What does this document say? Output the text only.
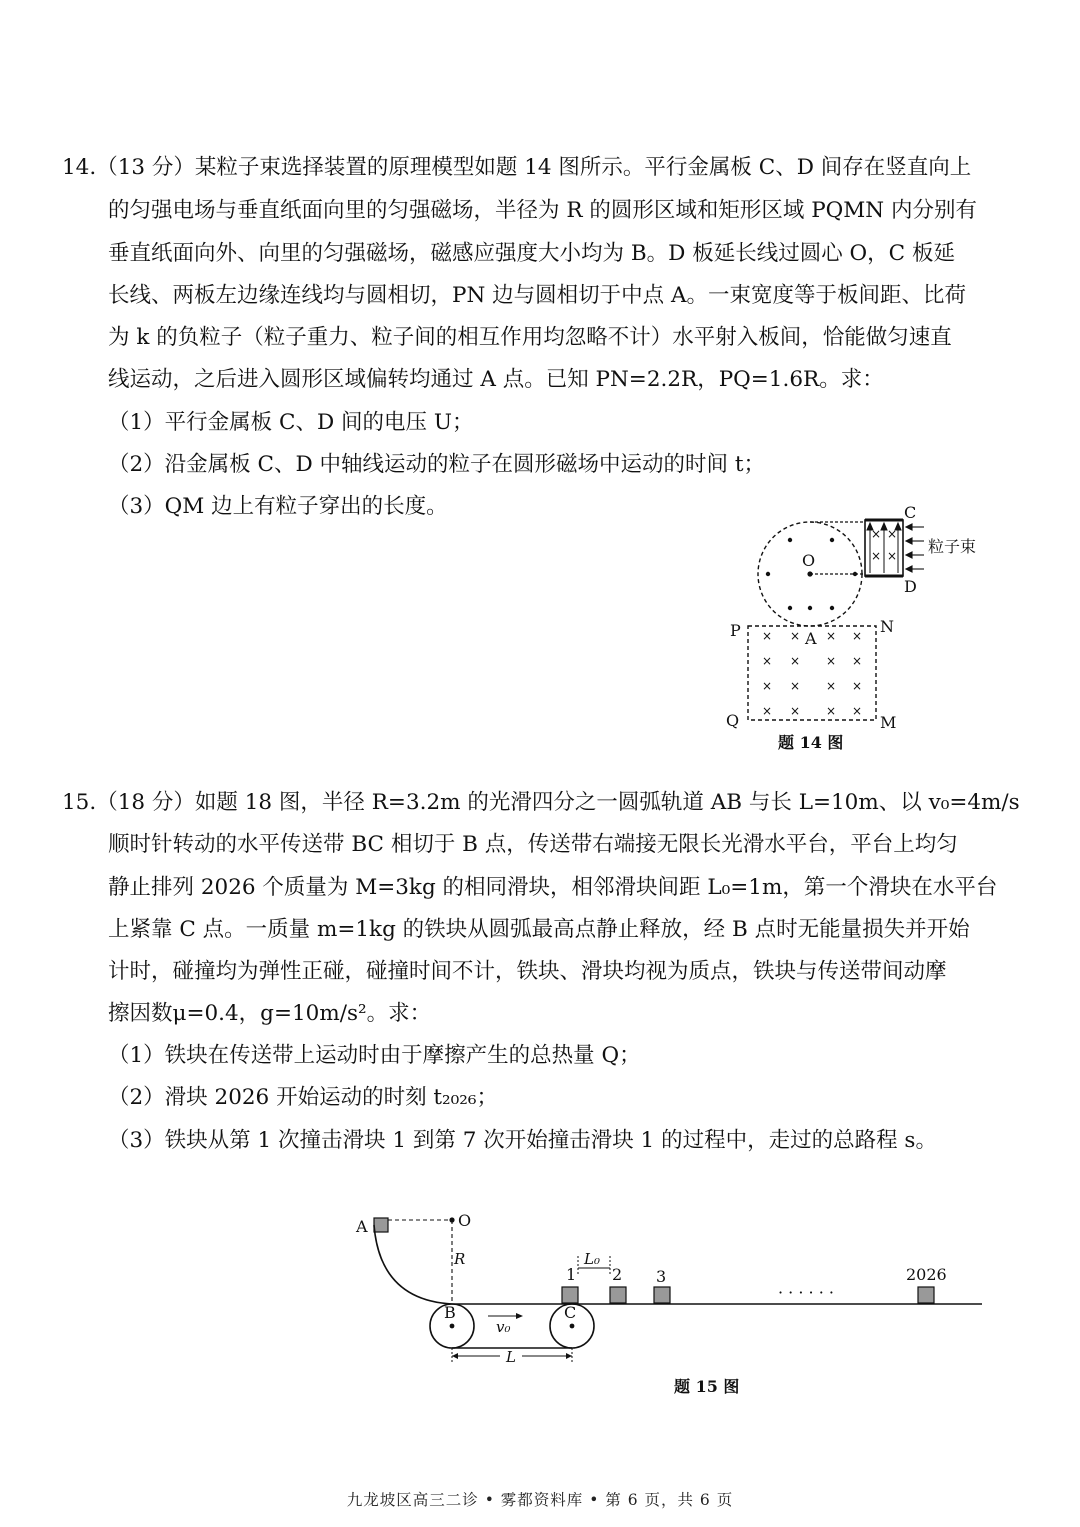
14.（13 分）某粒子束选择装置的原理模型如题 14 图所示。平行金属板 C、D 间存在竖直向上
的匀强电场与垂直纸面向里的匀强磁场，半径为 R 的圆形区域和矩形区域 PQMN 内分别有
垂直纸面向外、向里的匀强磁场，磁感应强度大小均为 B。D 板延长线过圆心 O，C 板延
长线、两板左边缘连线均与圆相切，PN 边与圆相切于中点 A。一束宽度等于板间距、比荷
为 k 的负粒子（粒子重力、粒子间的相互作用均忽略不计）水平射入板间，恰能做匀速直
线运动，之后进入圆形区域偏转均通过 A 点。已知 PN=2.2R，PQ=1.6R。求：
（1）平行金属板 C、D 间的电压 U；
（2）沿金属板 C、D 中轴线运动的粒子在圆形磁场中运动的时间 t；
（3）QM 边上有粒子穿出的长度。
O
× ×
× ×
C
D
粒子束
× × × ×
× × × ×
× × × ×
× × × ×
P	N
A
Q	M
题 14 图
15.（18 分）如题 18 图，半径 R=3.2m 的光滑四分之一圆弧轨道 AB 与长 L=10m、以 v₀=4m/s
顺时针转动的水平传送带 BC 相切于 B 点，传送带右端接无限长光滑水平台，平台上均匀
静止排列 2026 个质量为 M=3kg 的相同滑块，相邻滑块间距 L₀=1m，第一个滑块在水平台
上紧靠 C 点。一质量 m=1kg 的铁块从圆弧最高点静止释放，经 B 点时无能量损失并开始
计时，碰撞均为弹性正碰，碰撞时间不计，铁块、滑块均视为质点，铁块与传送带间动摩
擦因数μ=0.4，g=10m/s²。求：
（1）铁块在传送带上运动时由于摩擦产生的总热量 Q；
（2）滑块 2026 开始运动的时刻 t₂₀₂₆；
（3）铁块从第 1 次撞击滑块 1 到第 7 次开始撞击滑块 1 的过程中，走过的总路程 s。
A	O
R
B	C
v₀
L
1 2 3	2026
· · · · · ·
L₀
题 15 图
九龙坡区高三二诊 • 雾都资料库 • 第 6 页，共 6 页
